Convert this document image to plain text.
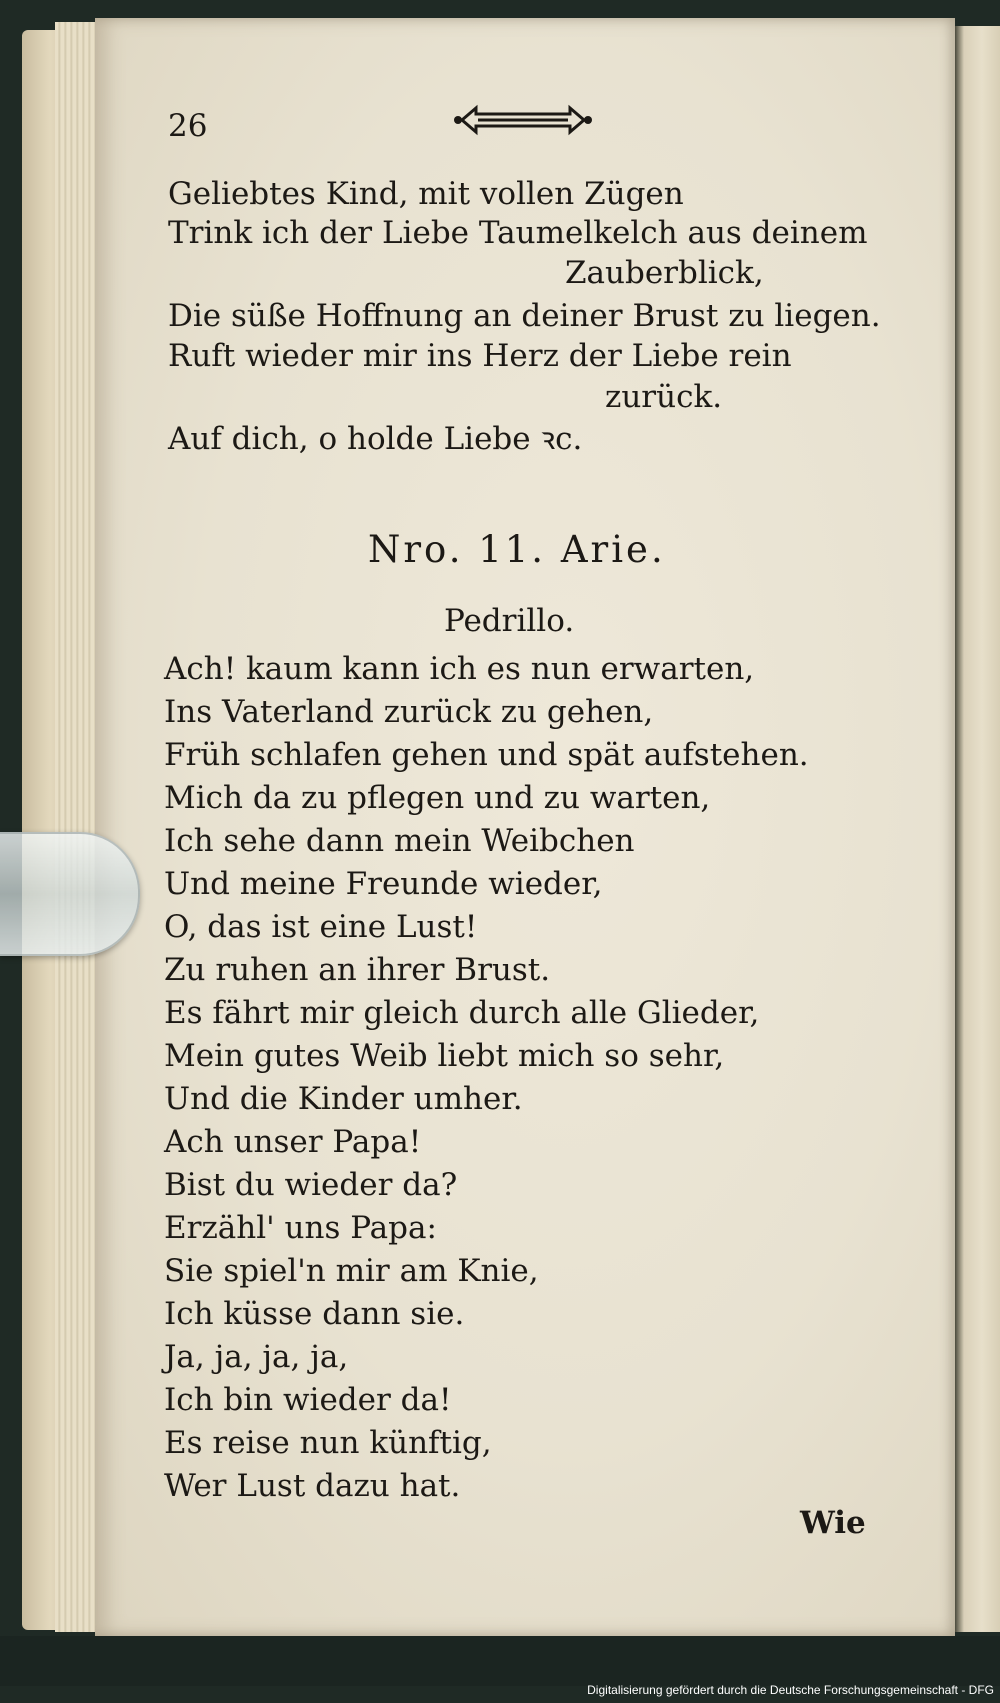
26
Geliebtes Kind, mit vollen Zügen
Trink ich der Liebe Taumelkelch aus deinem
Zauberblick,
Die süße Hoffnung an deiner Brust zu liegen.
Ruft wieder mir ins Herz der Liebe rein
zurück.
Auf dich, o holde Liebe ꝛc.
Nro. 11. Arie.
Pedrillo.
Ach! kaum kann ich es nun erwarten,
Ins Vaterland zurück zu gehen,
Früh schlafen gehen und spät aufstehen.
Mich da zu pflegen und zu warten,
Ich sehe dann mein Weibchen
Und meine Freunde wieder,
O, das ist eine Lust!
Zu ruhen an ihrer Brust.
Es fährt mir gleich durch alle Glieder,
Mein gutes Weib liebt mich so sehr,
Und die Kinder umher.
Ach unser Papa!
Bist du wieder da?
Erzähl' uns Papa:
Sie spiel'n mir am Knie,
Ich küsse dann sie.
Ja, ja, ja, ja,
Ich bin wieder da!
Es reise nun künftig,
Wer Lust dazu hat.
Wie
Digitalisierung gefördert durch die Deutsche Forschungsgemeinschaft - DFG
